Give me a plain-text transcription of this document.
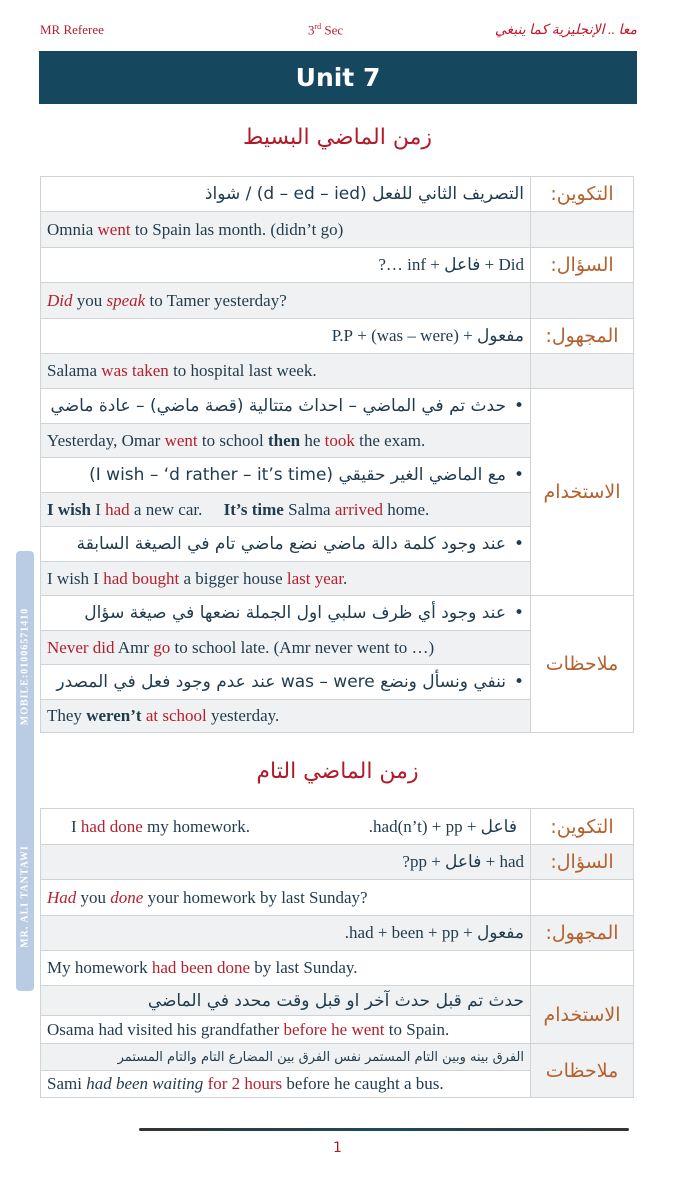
MR Referee	3rd Sec	معا .. الإنجليزية كما ينبغي
Unit 7
زمن الماضي البسيط
التصريف الثاني للفعل (d – ed – ied) / شواذ	التكوين:
Omnia went to Spain las month. (didn’t go)	
Did + فاعل + inf …?	السؤال:
Did you speak to Tamer yesterday?	
مفعول + (was – were) + P.P	المجهول:
Salama was taken to hospital last week.	
• حدث تم في الماضي – احداث متتالية (قصة ماضي) – عادة ماضي	الاستخدام
Yesterday, Omar went to school then he took the exam.	
• مع الماضي الغير حقيقي (I wish – ‘d rather – it’s time)
I wish I had a new car.     It’s time Salma arrived home.	
• عند وجود كلمة دالة ماضي نضع ماضي تام في الصيغة السابقة
I wish I had bought a bigger house last year.	
• عند وجود أي ظرف سلبي اول الجملة نضعها في صيغة سؤال	ملاحظات
Never did Amr go to school late. (Amr never went to …)	
• ننفي ونسأل ونضع was – were عند عدم وجود فعل في المصدر
They weren’t at school yesterday.	
زمن الماضي التام
I had done my homework. فاعل + had(n’t) + pp.	التكوين:
had + فاعل + pp?	السؤال:
Had you done your homework by last Sunday?	
مفعول + had + been + pp.	المجهول:
My homework had been done by last Sunday.	
حدث تم قبل حدث آخر او قبل وقت محدد في الماضي	الاستخدام
Osama had visited his grandfather before he went to Spain.	
الفرق بينه وبين التام المستمر نفس الفرق بين المضارع التام والتام المستمر	ملاحظات
Sami had been waiting for 2 hours before he caught a bus.	
MOBILE:01006571410
MR. ALI TANTAWI
1
